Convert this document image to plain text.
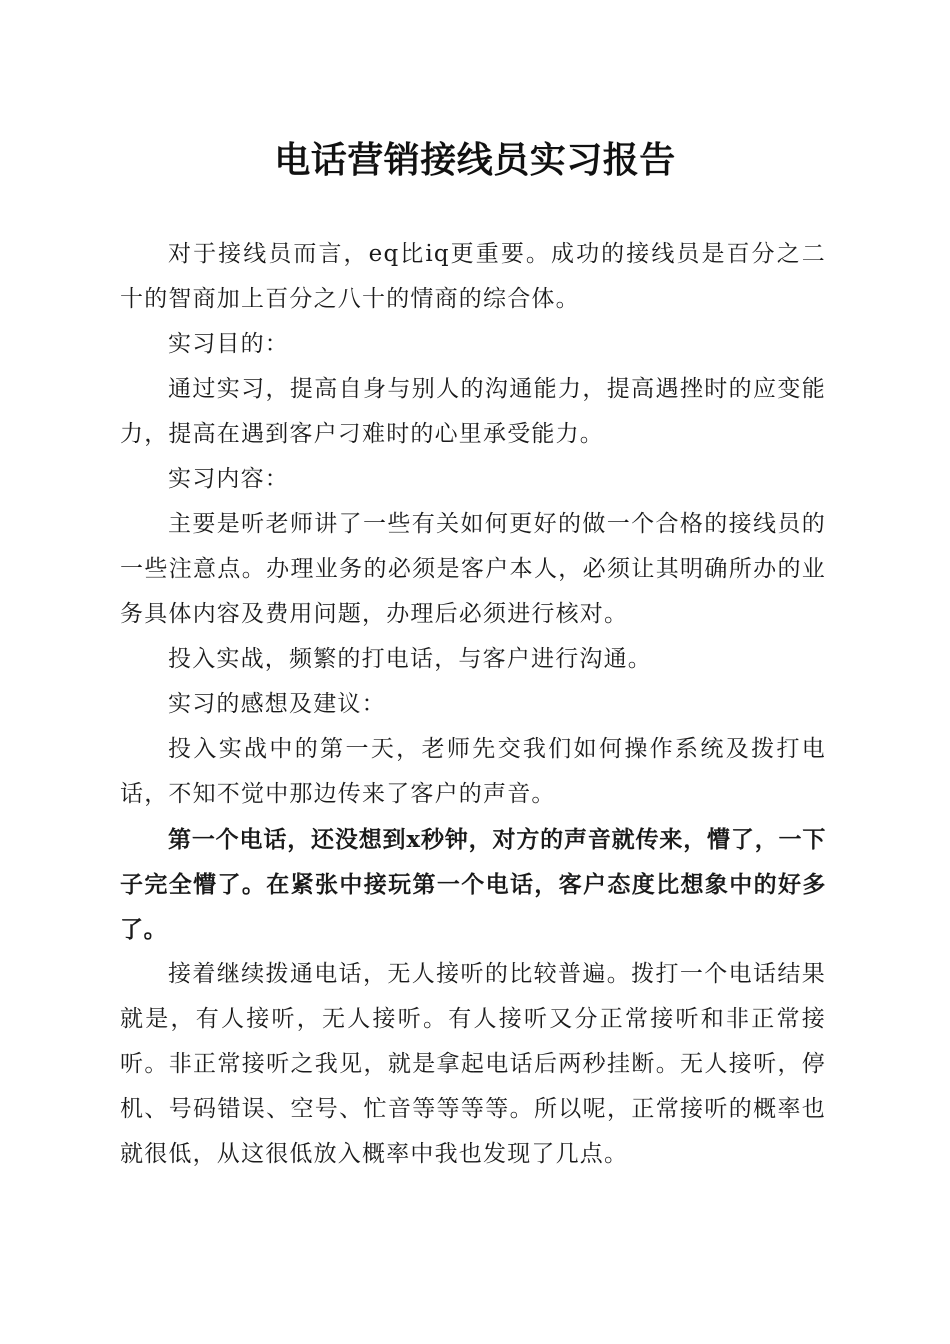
电话营销接线员实习报告

对于接线员而言，eq比iq更重要。成功的接线员是百分之二十的智商加上百分之八十的情商的综合体。

实习目的：

通过实习，提高自身与别人的沟通能力，提高遇挫时的应变能力，提高在遇到客户刁难时的心里承受能力。

实习内容：

主要是听老师讲了一些有关如何更好的做一个合格的接线员的一些注意点。办理业务的必须是客户本人，必须让其明确所办的业务具体内容及费用问题，办理后必须进行核对。

投入实战，频繁的打电话，与客户进行沟通。

实习的感想及建议：

投入实战中的第一天，老师先交我们如何操作系统及拨打电话，不知不觉中那边传来了客户的声音。

第一个电话，还没想到x秒钟，对方的声音就传来，懵了，一下子完全懵了。在紧张中接玩第一个电话，客户态度比想象中的好多了。

接着继续拨通电话，无人接听的比较普遍。拨打一个电话结果就是，有人接听，无人接听。有人接听又分正常接听和非正常接听。非正常接听之我见，就是拿起电话后两秒挂断。无人接听，停机、号码错误、空号、忙音等等等等。所以呢，正常接听的概率也就很低，从这很低放入概率中我也发现了几点。
